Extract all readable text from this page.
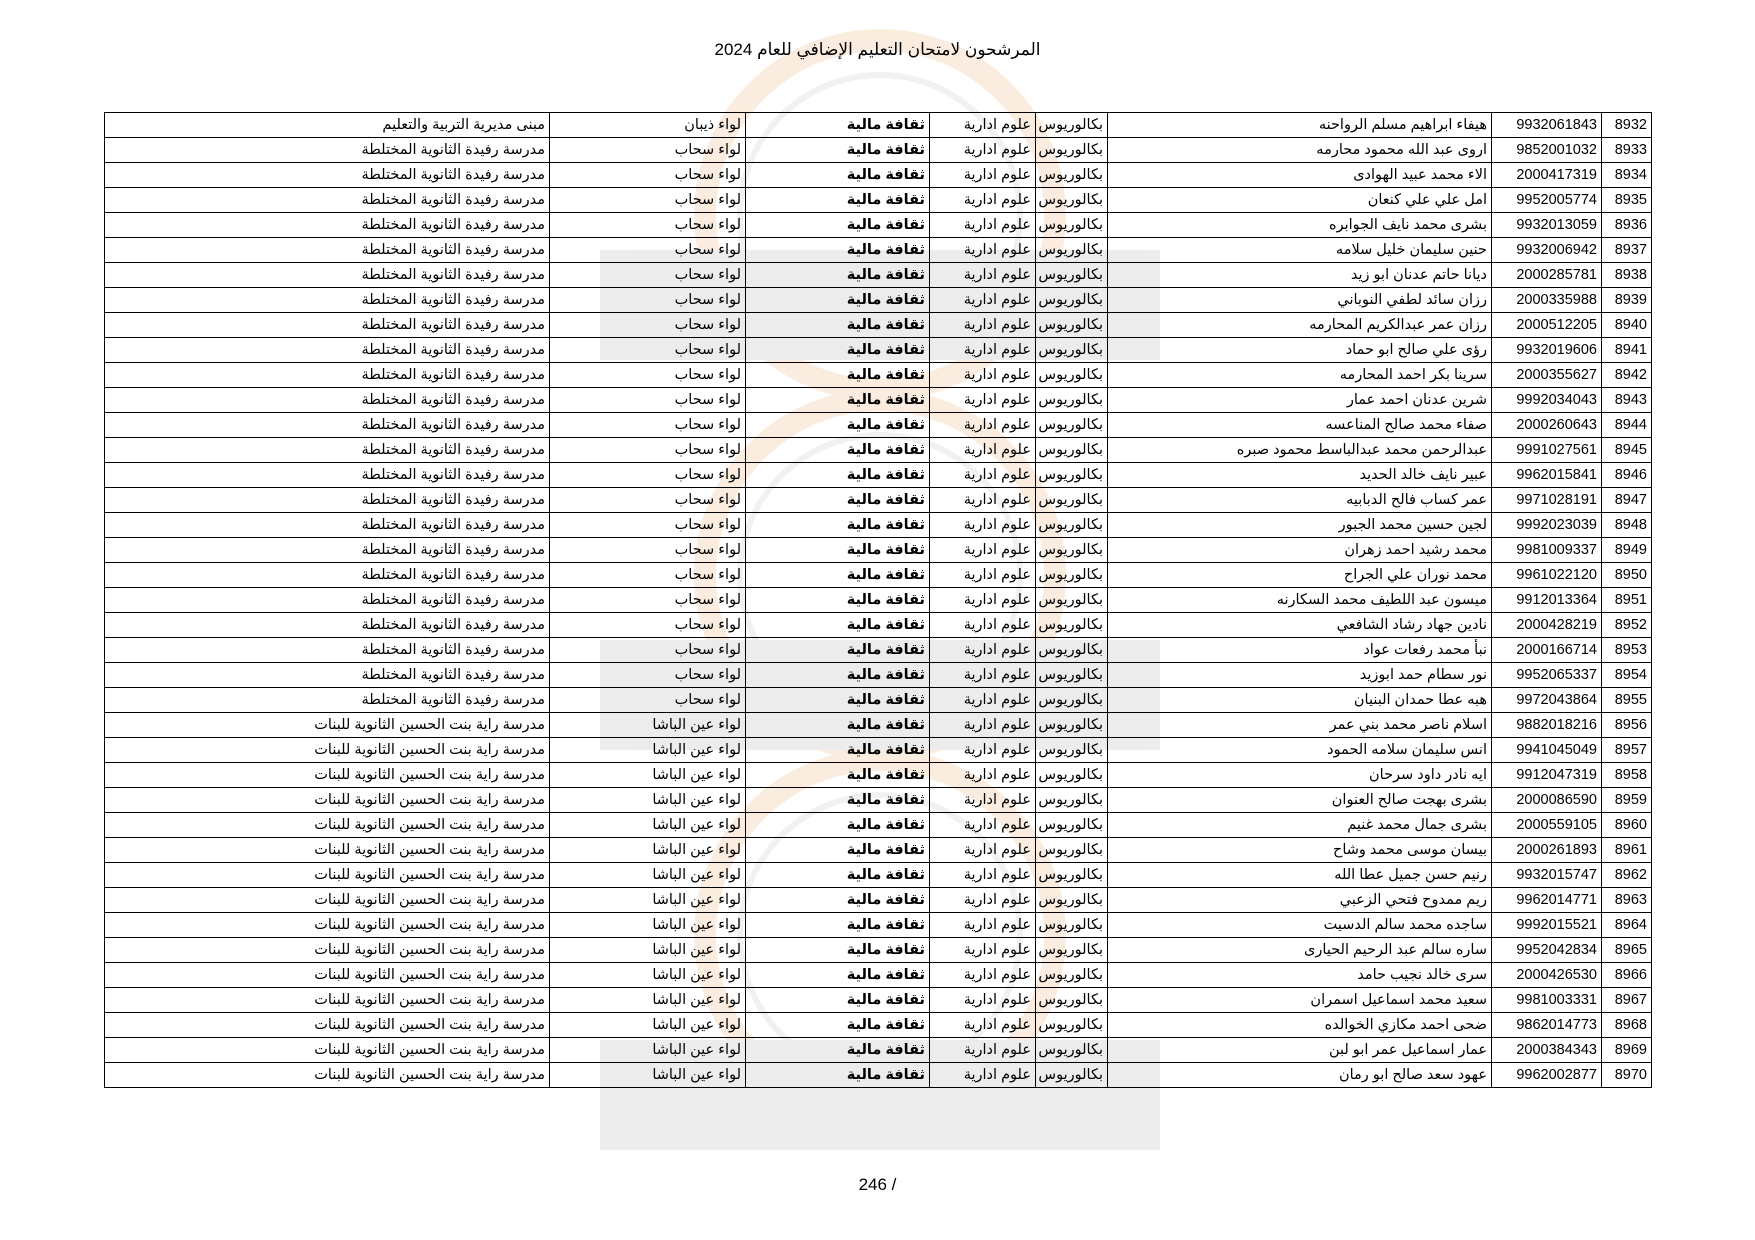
المرشحون لامتحان التعليم الإضافي للعام 2024
8932	9932061843	هيفاء ابراهيم مسلم الرواحنه	بكالوريوس	علوم ادارية	ثقافة مالية	لواء ذيبان	مبنى مديرية التربية والتعليم
8933	9852001032	اروى عبد الله محمود محارمه	بكالوريوس	علوم ادارية	ثقافة مالية	لواء سحاب	مدرسة رفيدة الثانوية المختلطة
8934	2000417319	الاء محمد عبيد الهوادى	بكالوريوس	علوم ادارية	ثقافة مالية	لواء سحاب	مدرسة رفيدة الثانوية المختلطة
8935	9952005774	امل علي علي كنعان	بكالوريوس	علوم ادارية	ثقافة مالية	لواء سحاب	مدرسة رفيدة الثانوية المختلطة
8936	9932013059	بشرى محمد نايف الجوابره	بكالوريوس	علوم ادارية	ثقافة مالية	لواء سحاب	مدرسة رفيدة الثانوية المختلطة
8937	9932006942	حنين سليمان خليل سلامه	بكالوريوس	علوم ادارية	ثقافة مالية	لواء سحاب	مدرسة رفيدة الثانوية المختلطة
8938	2000285781	ديانا حاتم عدنان ابو زيد	بكالوريوس	علوم ادارية	ثقافة مالية	لواء سحاب	مدرسة رفيدة الثانوية المختلطة
8939	2000335988	رزان سائد لطفي النوباني	بكالوريوس	علوم ادارية	ثقافة مالية	لواء سحاب	مدرسة رفيدة الثانوية المختلطة
8940	2000512205	رزان عمر عبدالكريم المحارمه	بكالوريوس	علوم ادارية	ثقافة مالية	لواء سحاب	مدرسة رفيدة الثانوية المختلطة
8941	9932019606	رؤى علي صالح ابو حماد	بكالوريوس	علوم ادارية	ثقافة مالية	لواء سحاب	مدرسة رفيدة الثانوية المختلطة
8942	2000355627	سرينا بكر احمد المحارمه	بكالوريوس	علوم ادارية	ثقافة مالية	لواء سحاب	مدرسة رفيدة الثانوية المختلطة
8943	9992034043	شرين عدنان احمد عمار	بكالوريوس	علوم ادارية	ثقافة مالية	لواء سحاب	مدرسة رفيدة الثانوية المختلطة
8944	2000260643	صفاء محمد صالح المناعسه	بكالوريوس	علوم ادارية	ثقافة مالية	لواء سحاب	مدرسة رفيدة الثانوية المختلطة
8945	9991027561	عبدالرحمن محمد عبدالباسط محمود صبره	بكالوريوس	علوم ادارية	ثقافة مالية	لواء سحاب	مدرسة رفيدة الثانوية المختلطة
8946	9962015841	عبير نايف خالد الحديد	بكالوريوس	علوم ادارية	ثقافة مالية	لواء سحاب	مدرسة رفيدة الثانوية المختلطة
8947	9971028191	عمر كساب فالح الدبابيه	بكالوريوس	علوم ادارية	ثقافة مالية	لواء سحاب	مدرسة رفيدة الثانوية المختلطة
8948	9992023039	لجين حسين محمد الجبور	بكالوريوس	علوم ادارية	ثقافة مالية	لواء سحاب	مدرسة رفيدة الثانوية المختلطة
8949	9981009337	محمد رشيد احمد زهران	بكالوريوس	علوم ادارية	ثقافة مالية	لواء سحاب	مدرسة رفيدة الثانوية المختلطة
8950	9961022120	محمد نوران علي الجراح	بكالوريوس	علوم ادارية	ثقافة مالية	لواء سحاب	مدرسة رفيدة الثانوية المختلطة
8951	9912013364	ميسون عبد اللطيف محمد السكارنه	بكالوريوس	علوم ادارية	ثقافة مالية	لواء سحاب	مدرسة رفيدة الثانوية المختلطة
8952	2000428219	نادين جهاد رشاد الشافعي	بكالوريوس	علوم ادارية	ثقافة مالية	لواء سحاب	مدرسة رفيدة الثانوية المختلطة
8953	2000166714	نبأ محمد رفعات عواد	بكالوريوس	علوم ادارية	ثقافة مالية	لواء سحاب	مدرسة رفيدة الثانوية المختلطة
8954	9952065337	نور سطام حمد ابوزيد	بكالوريوس	علوم ادارية	ثقافة مالية	لواء سحاب	مدرسة رفيدة الثانوية المختلطة
8955	9972043864	هبه عطا حمدان البنيان	بكالوريوس	علوم ادارية	ثقافة مالية	لواء سحاب	مدرسة رفيدة الثانوية المختلطة
8956	9882018216	اسلام ناصر محمد بني عمر	بكالوريوس	علوم ادارية	ثقافة مالية	لواء عين الباشا	مدرسة راية بنت الحسين الثانوية للبنات
8957	9941045049	انس سليمان سلامه الحمود	بكالوريوس	علوم ادارية	ثقافة مالية	لواء عين الباشا	مدرسة راية بنت الحسين الثانوية للبنات
8958	9912047319	ايه نادر داود سرحان	بكالوريوس	علوم ادارية	ثقافة مالية	لواء عين الباشا	مدرسة راية بنت الحسين الثانوية للبنات
8959	2000086590	بشرى بهجت صالح العنوان	بكالوريوس	علوم ادارية	ثقافة مالية	لواء عين الباشا	مدرسة راية بنت الحسين الثانوية للبنات
8960	2000559105	بشرى جمال محمد غنيم	بكالوريوس	علوم ادارية	ثقافة مالية	لواء عين الباشا	مدرسة راية بنت الحسين الثانوية للبنات
8961	2000261893	بيسان موسى محمد وشاح	بكالوريوس	علوم ادارية	ثقافة مالية	لواء عين الباشا	مدرسة راية بنت الحسين الثانوية للبنات
8962	9932015747	رنيم حسن جميل عطا الله	بكالوريوس	علوم ادارية	ثقافة مالية	لواء عين الباشا	مدرسة راية بنت الحسين الثانوية للبنات
8963	9962014771	ريم ممدوح فتحي الزعبي	بكالوريوس	علوم ادارية	ثقافة مالية	لواء عين الباشا	مدرسة راية بنت الحسين الثانوية للبنات
8964	9992015521	ساجده محمد سالم الدسيت	بكالوريوس	علوم ادارية	ثقافة مالية	لواء عين الباشا	مدرسة راية بنت الحسين الثانوية للبنات
8965	9952042834	ساره سالم عبد الرحيم الحيارى	بكالوريوس	علوم ادارية	ثقافة مالية	لواء عين الباشا	مدرسة راية بنت الحسين الثانوية للبنات
8966	2000426530	سرى خالد نجيب حامد	بكالوريوس	علوم ادارية	ثقافة مالية	لواء عين الباشا	مدرسة راية بنت الحسين الثانوية للبنات
8967	9981003331	سعيد محمد اسماعيل اسمران	بكالوريوس	علوم ادارية	ثقافة مالية	لواء عين الباشا	مدرسة راية بنت الحسين الثانوية للبنات
8968	9862014773	ضحى احمد مكازي الخوالده	بكالوريوس	علوم ادارية	ثقافة مالية	لواء عين الباشا	مدرسة راية بنت الحسين الثانوية للبنات
8969	2000384343	عمار اسماعيل عمر ابو لبن	بكالوريوس	علوم ادارية	ثقافة مالية	لواء عين الباشا	مدرسة راية بنت الحسين الثانوية للبنات
8970	9962002877	عهود سعد صالح ابو رمان	بكالوريوس	علوم ادارية	ثقافة مالية	لواء عين الباشا	مدرسة راية بنت الحسين الثانوية للبنات
246 /
